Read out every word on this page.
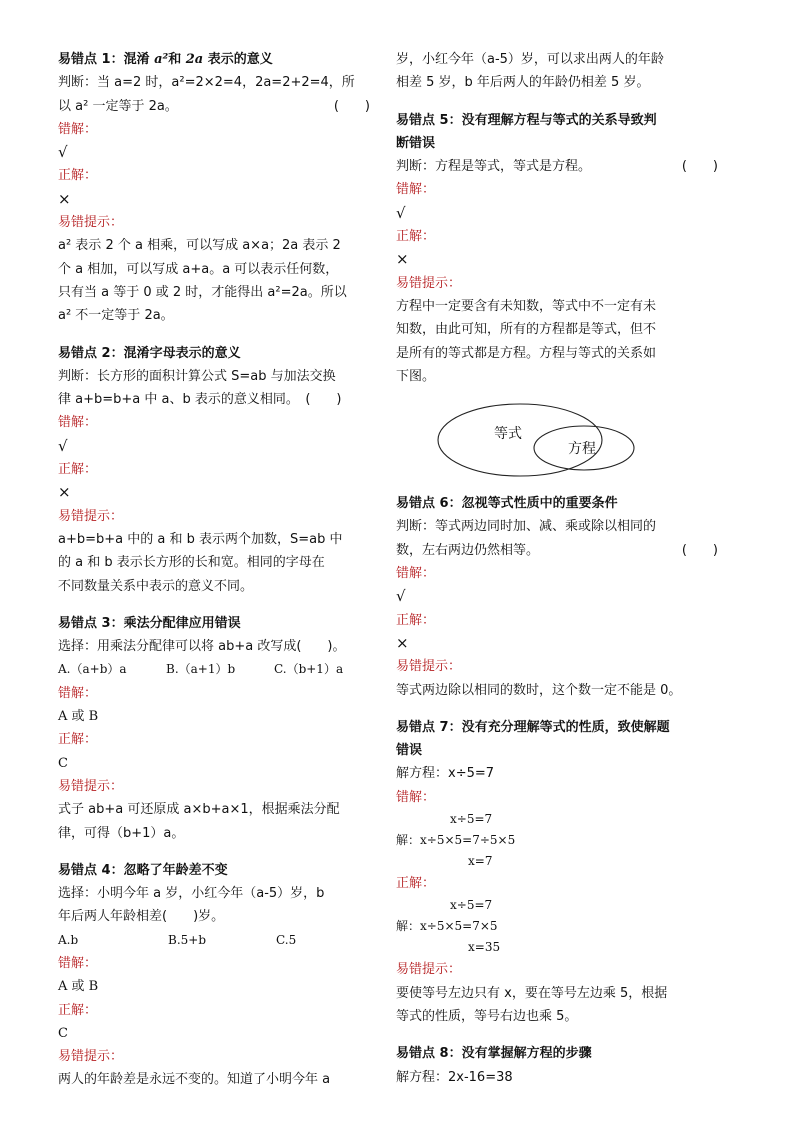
易错点 1：混淆 a²和 2a 表示的意义

判断：当 a=2 时，a²=2×2=4，2a=2+2=4，所

以 a² 一定等于 2a。	(　　)

错解：

√

正解：

×

易错提示：

a² 表示 2 个 a 相乘，可以写成 a×a；2a 表示 2

个 a 相加，可以写成 a+a。a 可以表示任何数，

只有当 a 等于 0 或 2 时，才能得出 a²=2a。所以

a² 不一定等于 2a。

易错点 2：混淆字母表示的意义

判断：长方形的面积计算公式 S=ab 与加法交换

律 a+b=b+a 中 a、b 表示的意义相同。　(　　)

错解：

√

正解：

×

易错提示：

a+b=b+a 中的 a 和 b 表示两个加数，S=ab 中

的 a 和 b 表示长方形的长和宽。相同的字母在

不同数量关系中表示的意义不同。

易错点 3：乘法分配律应用错误

选择：用乘法分配律可以将 ab+a 改写成(　　)。

A.（a+b）a	B.（a+1）b	C.（b+1）a

错解：

A 或 B

正解：

C

易错提示：

式子 ab+a 可还原成 a×b+a×1，根据乘法分配

律，可得（b+1）a。

易错点 4：忽略了年龄差不变

选择：小明今年 a 岁，小红今年（a-5）岁，b

年后两人年龄相差(　　)岁。

A.b	B.5+b	C.5

错解：

A 或 B

正解：

C

易错提示：

两人的年龄差是永远不变的。知道了小明今年 a

岁，小红今年（a-5）岁，可以求出两人的年龄

相差 5 岁，b 年后两人的年龄仍相差 5 岁。

易错点 5：没有理解方程与等式的关系导致判

断错误

判断：方程是等式，等式是方程。	(　　)

错解：

√

正解：

×

易错提示：

方程中一定要含有未知数，等式中不一定有未

知数，由此可知，所有的方程都是等式，但不

是所有的等式都是方程。方程与等式的关系如

下图。

等式
方程

易错点 6：忽视等式性质中的重要条件

判断：等式两边同时加、减、乘或除以相同的

数，左右两边仍然相等。	(　　)

错解：

√

正解：

×

易错提示：

等式两边除以相同的数时，这个数一定不能是 0。

易错点 7：没有充分理解等式的性质，致使解题

错误

解方程：x÷5=7

错解：

x÷5=7
解：x÷5×5=7÷5×5
x=7

正解：

x÷5=7
解：x÷5×5=7×5
x=35

易错提示：

要使等号左边只有 x，要在等号左边乘 5，根据

等式的性质，等号右边也乘 5。

易错点 8：没有掌握解方程的步骤

解方程：2x-16=38
